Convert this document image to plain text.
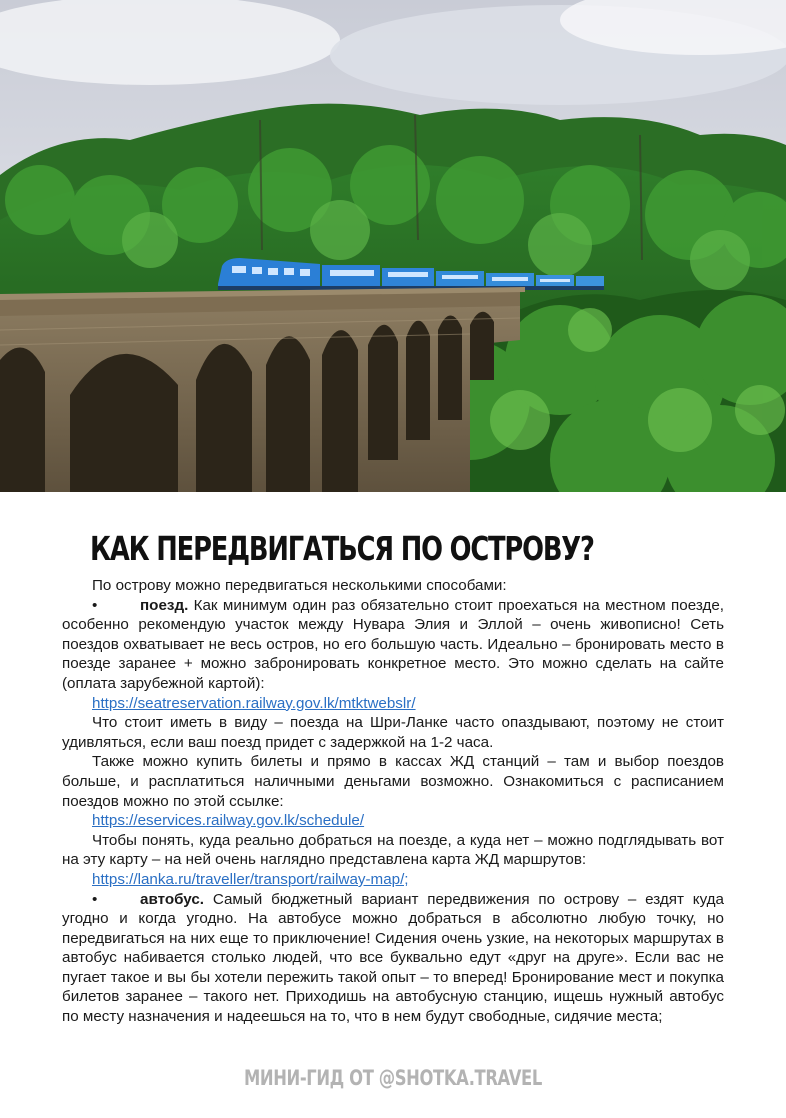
КАК ПЕРЕДВИГАТЬСЯ ПО ОСТРОВУ?

По острову можно передвигаться несколькими способами:

•	поезд. Как минимум один раз обязательно стоит проехаться на местном поезде, особенно рекомендую участок между Нувара Элия и Эллой – очень живописно! Сеть поездов охватывает не весь остров, но его большую часть. Идеально – бронировать место в поезде заранее + можно забронировать конкретное место. Это можно сделать на сайте (оплата зарубежной картой):

https://seatreservation.railway.gov.lk/mtktwebslr/

Что стоит иметь в виду – поезда на Шри-Ланке часто опаздывают, поэтому не стоит удивляться, если ваш поезд придет с задержкой на 1-2 часа.

Также можно купить билеты и прямо в кассах ЖД станций – там и выбор поездов больше, и расплатиться наличными деньгами возможно. Ознакомиться с расписанием поездов можно по этой ссылке:

https://eservices.railway.gov.lk/schedule/

Чтобы понять, куда реально добраться на поезде, а куда нет – можно подглядывать вот на эту карту – на ней очень наглядно представлена карта ЖД маршрутов:

https://lanka.ru/traveller/transport/railway-map/;

•	автобус. Самый бюджетный вариант передвижения по острову – ездят куда угодно и когда угодно. На автобусе можно добраться в абсолютно любую точку, но передвигаться на них еще то приключение! Сидения очень узкие, на некоторых маршрутах в автобус набивается столько людей, что все буквально едут «друг на друге». Если вас не пугает такое и вы бы хотели пережить такой опыт – то вперед! Бронирование мест и покупка билетов заранее – такого нет. Приходишь на автобусную станцию, ищешь нужный автобус по месту назначения и надеешься на то, что в нем будут свободные, сидячие места;

МИНИ-ГИД ОТ @SHOTKA.TRAVEL
